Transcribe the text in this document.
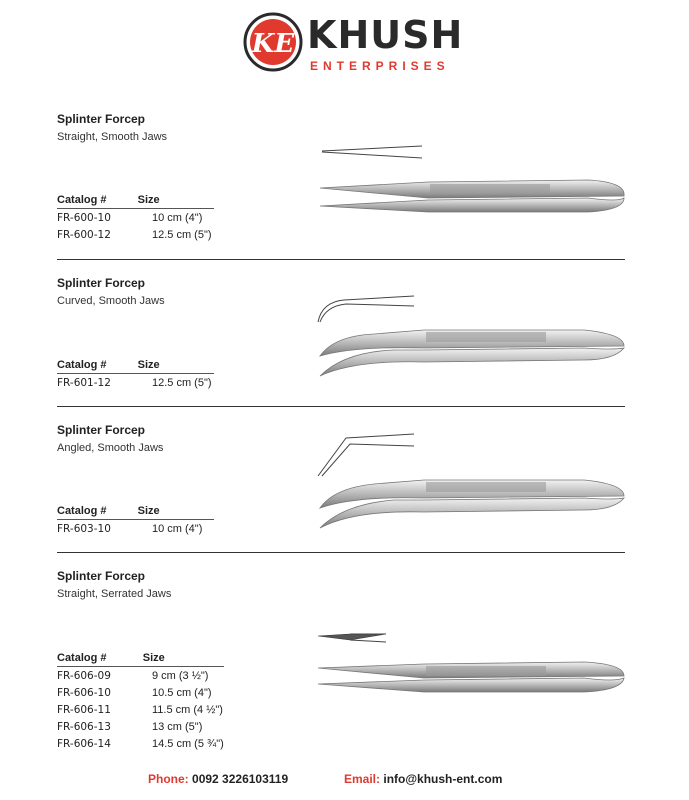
KE KHUSH
ENTERPRISES
Splinter Forcep
Straight, Smooth Jaws
Catalog #	Size
FR-600-10	10 cm (4")
FR-600-12	12.5 cm (5")
Splinter Forcep
Curved, Smooth Jaws
Catalog #	Size
FR-601-12	12.5 cm (5")
Splinter Forcep
Angled, Smooth Jaws
Catalog #	Size
FR-603-10	10 cm (4")
Splinter Forcep
Straight, Serrated Jaws
Catalog #	Size
FR-606-09	9 cm (3 ½")
FR-606-10	10.5 cm (4")
FR-606-11	11.5 cm (4 ½")
FR-606-13	13 cm (5")
FR-606-14	14.5 cm (5 ¾")
Phone: 0092 3226103119	Email: info@khush-ent.com
